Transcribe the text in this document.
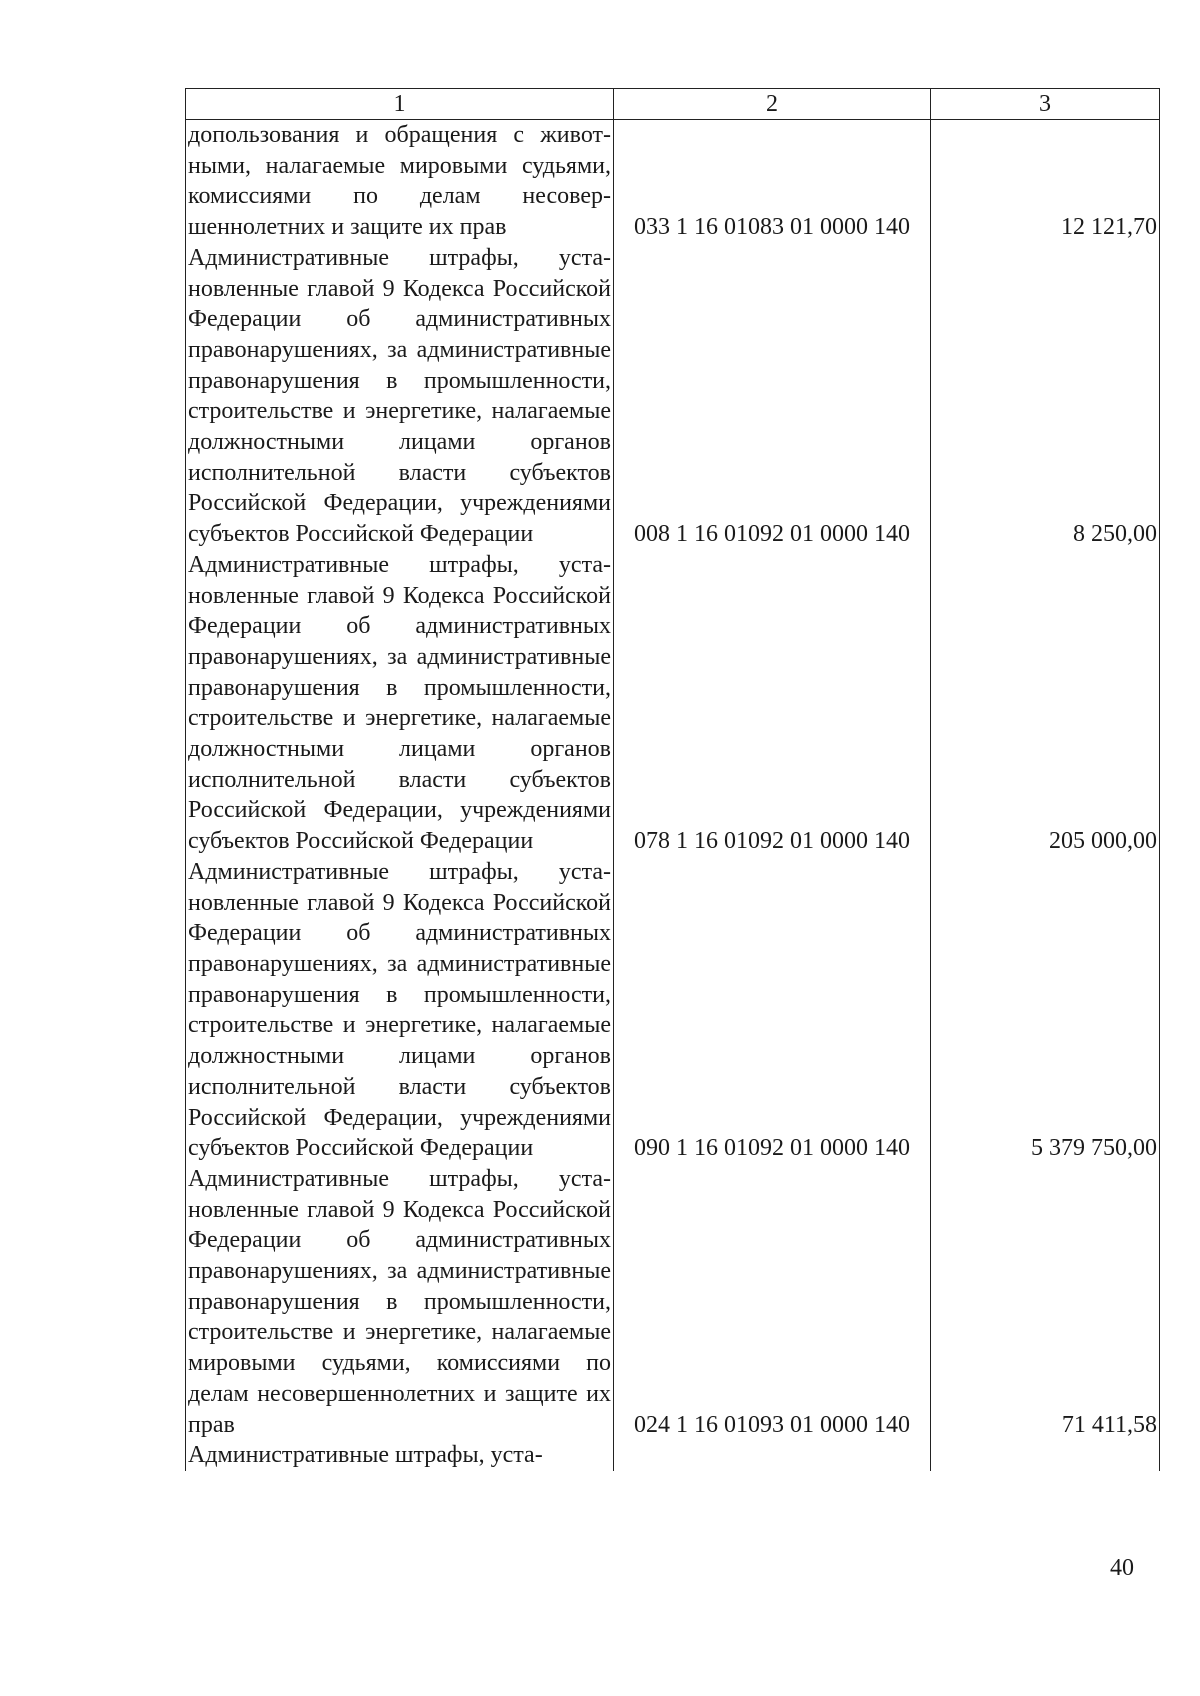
1	2	3
допользования и обращения с животными, налагаемые мировыми судьями, комиссиями по делам несовершеннолетних и защите их прав	033 1 16 01083 01 0000 140	12 121,70
Административные штрафы, установленные главой 9 Кодекса Российской Федерации об административных правонарушениях, за административные правонарушения в промышленности, строительстве и энергетике, налагаемые должностными лицами органов исполнительной власти субъектов Российской Федерации, учреждениями субъектов Российской Федерации	008 1 16 01092 01 0000 140	8 250,00
Административные штрафы, установленные главой 9 Кодекса Российской Федерации об административных правонарушениях, за административные правонарушения в промышленности, строительстве и энергетике, налагаемые должностными лицами органов исполнительной власти субъектов Российской Федерации, учреждениями субъектов Российской Федерации	078 1 16 01092 01 0000 140	205 000,00
Административные штрафы, установленные главой 9 Кодекса Российской Федерации об административных правонарушениях, за административные правонарушения в промышленности, строительстве и энергетике, налагаемые должностными лицами органов исполнительной власти субъектов Российской Федерации, учреждениями субъектов Российской Федерации	090 1 16 01092 01 0000 140	5 379 750,00
Административные штрафы, установленные главой 9 Кодекса Российской Федерации об административных правонарушениях, за административные правонарушения в промышленности, строительстве и энергетике, налагаемые мировыми судьями, комиссиями по делам несовершеннолетних и защите их прав	024 1 16 01093 01 0000 140	71 411,58
Административные штрафы, уста-		
40
